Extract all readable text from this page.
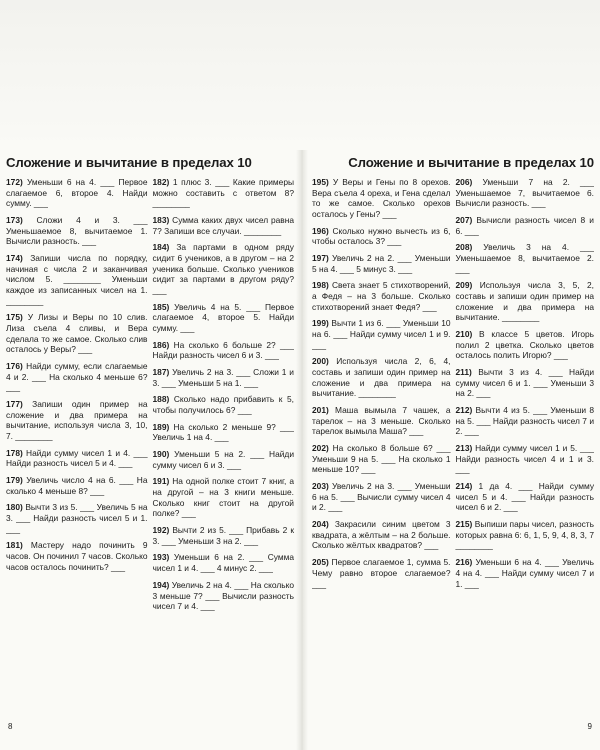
Сложение и вычитание в пределах 10
172) Уменьши 6 на 4. ___ Первое слагаемое 6, второе 4. Найди сумму. ___
173) Сложи 4 и 3. ___ Уменьшаемое 8, вычитаемое 1. Вычисли разность. ___
174) Запиши числа по порядку, начиная с числа 2 и заканчивая числом 5. ________ Уменьши каждое из записанных чисел на 1. ________
175) У Лизы и Веры по 10 слив. Лиза съела 4 сливы, и Вера сделала то же самое. Сколько слив осталось у Веры? ___
176) Найди сумму, если слагаемые 4 и 2. ___ На сколько 4 меньше 6? ___
177) Запиши один пример на сложение и два примера на вычитание, используя числа 3, 10, 7. ________
178) Найди сумму чисел 1 и 4. ___ Найди разность чисел 5 и 4. ___
179) Увеличь число 4 на 6. ___ На сколько 4 меньше 8? ___
180) Вычти 3 из 5. ___ Увеличь 5 на 3. ___ Найди разность чисел 5 и 1. ___
181) Мастеру надо починить 9 часов. Он починил 7 часов. Сколько часов осталось починить? ___
182) 1 плюс 3. ___ Какие примеры можно составить с ответом 8? ________
183) Сумма каких двух чисел равна 7? Запиши все случаи. ________
184) За партами в одном ряду сидит 6 учеников, а в другом – на 2 ученика больше. Сколько учеников сидит за партами в другом ряду? ___
185) Увеличь 4 на 5. ___ Первое слагаемое 4, второе 5. Найди сумму. ___
186) На сколько 6 больше 2? ___ Найди разность чисел 6 и 3. ___
187) Увеличь 2 на 3. ___ Сложи 1 и 3. ___ Уменьши 5 на 1. ___
188) Сколько надо прибавить к 5, чтобы получилось 6? ___
189) На сколько 2 меньше 9? ___ Увеличь 1 на 4. ___
190) Уменьши 5 на 2. ___ Найди сумму чисел 6 и 3. ___
191) На одной полке стоит 7 книг, а на другой – на 3 книги меньше. Сколько книг стоит на другой полке? ___
192) Вычти 2 из 5. ___ Прибавь 2 к 3. ___ Уменьши 3 на 2. ___
193) Уменьши 6 на 2. ___ Сумма чисел 1 и 4. ___ 4 минус 2. ___
194) Увеличь 2 на 4. ___ На сколько 3 меньше 7? ___ Вычисли разность чисел 7 и 4. ___
8
Сложение и вычитание в пределах 10
195) У Веры и Гены по 8 орехов. Вера съела 4 ореха, и Гена сделал то же самое. Сколько орехов осталось у Гены? ___
196) Сколько нужно вычесть из 6, чтобы осталось 3? ___
197) Увеличь 2 на 2. ___ Уменьши 5 на 4. ___ 5 минус 3. ___
198) Света знает 5 стихотворений, а Федя – на 3 больше. Сколько стихотворений знает Федя? ___
199) Вычти 1 из 6. ___ Уменьши 10 на 6. ___ Найди сумму чисел 1 и 9. ___
200) Используя числа 2, 6, 4, составь и запиши один пример на сложение и два примера на вычитание. ________
201) Маша вымыла 7 чашек, а тарелок – на 3 меньше. Сколько тарелок вымыла Маша? ___
202) На сколько 8 больше 6? ___ Уменьши 9 на 5. ___ На сколько 1 меньше 10? ___
203) Увеличь 2 на 3. ___ Уменьши 6 на 5. ___ Вычисли сумму чисел 4 и 2. ___
204) Закрасили синим цветом 3 квадрата, а жёлтым – на 2 больше. Сколько жёлтых квадратов? ___
205) Первое слагаемое 1, сумма 5. Чему равно второе слагаемое? ___
206) Уменьши 7 на 2. ___ Уменьшаемое 7, вычитаемое 6. Вычисли разность. ___
207) Вычисли разность чисел 8 и 6. ___
208) Увеличь 3 на 4. ___ Уменьшаемое 8, вычитаемое 2. ___
209) Используя числа 3, 5, 2, составь и запиши один пример на сложение и два примера на вычитание. ________
210) В классе 5 цветов. Игорь полил 2 цветка. Сколько цветов осталось полить Игорю? ___
211) Вычти 3 из 4. ___ Найди сумму чисел 6 и 1. ___ Уменьши 3 на 2. ___
212) Вычти 4 из 5. ___ Уменьши 8 на 5. ___ Найди разность чисел 7 и 2. ___
213) Найди сумму чисел 1 и 5. ___ Найди разность чисел 4 и 1 и 3. ___
214) 1 да 4. ___ Найди сумму чисел 5 и 4. ___ Найди разность чисел 6 и 2. ___
215) Выпиши пары чисел, разность которых равна 6: 6, 1, 5, 9, 4, 8, 3, 7 ________
216) Уменьши 6 на 4. ___ Увеличь 4 на 4. ___ Найди сумму чисел 7 и 1. ___
9
